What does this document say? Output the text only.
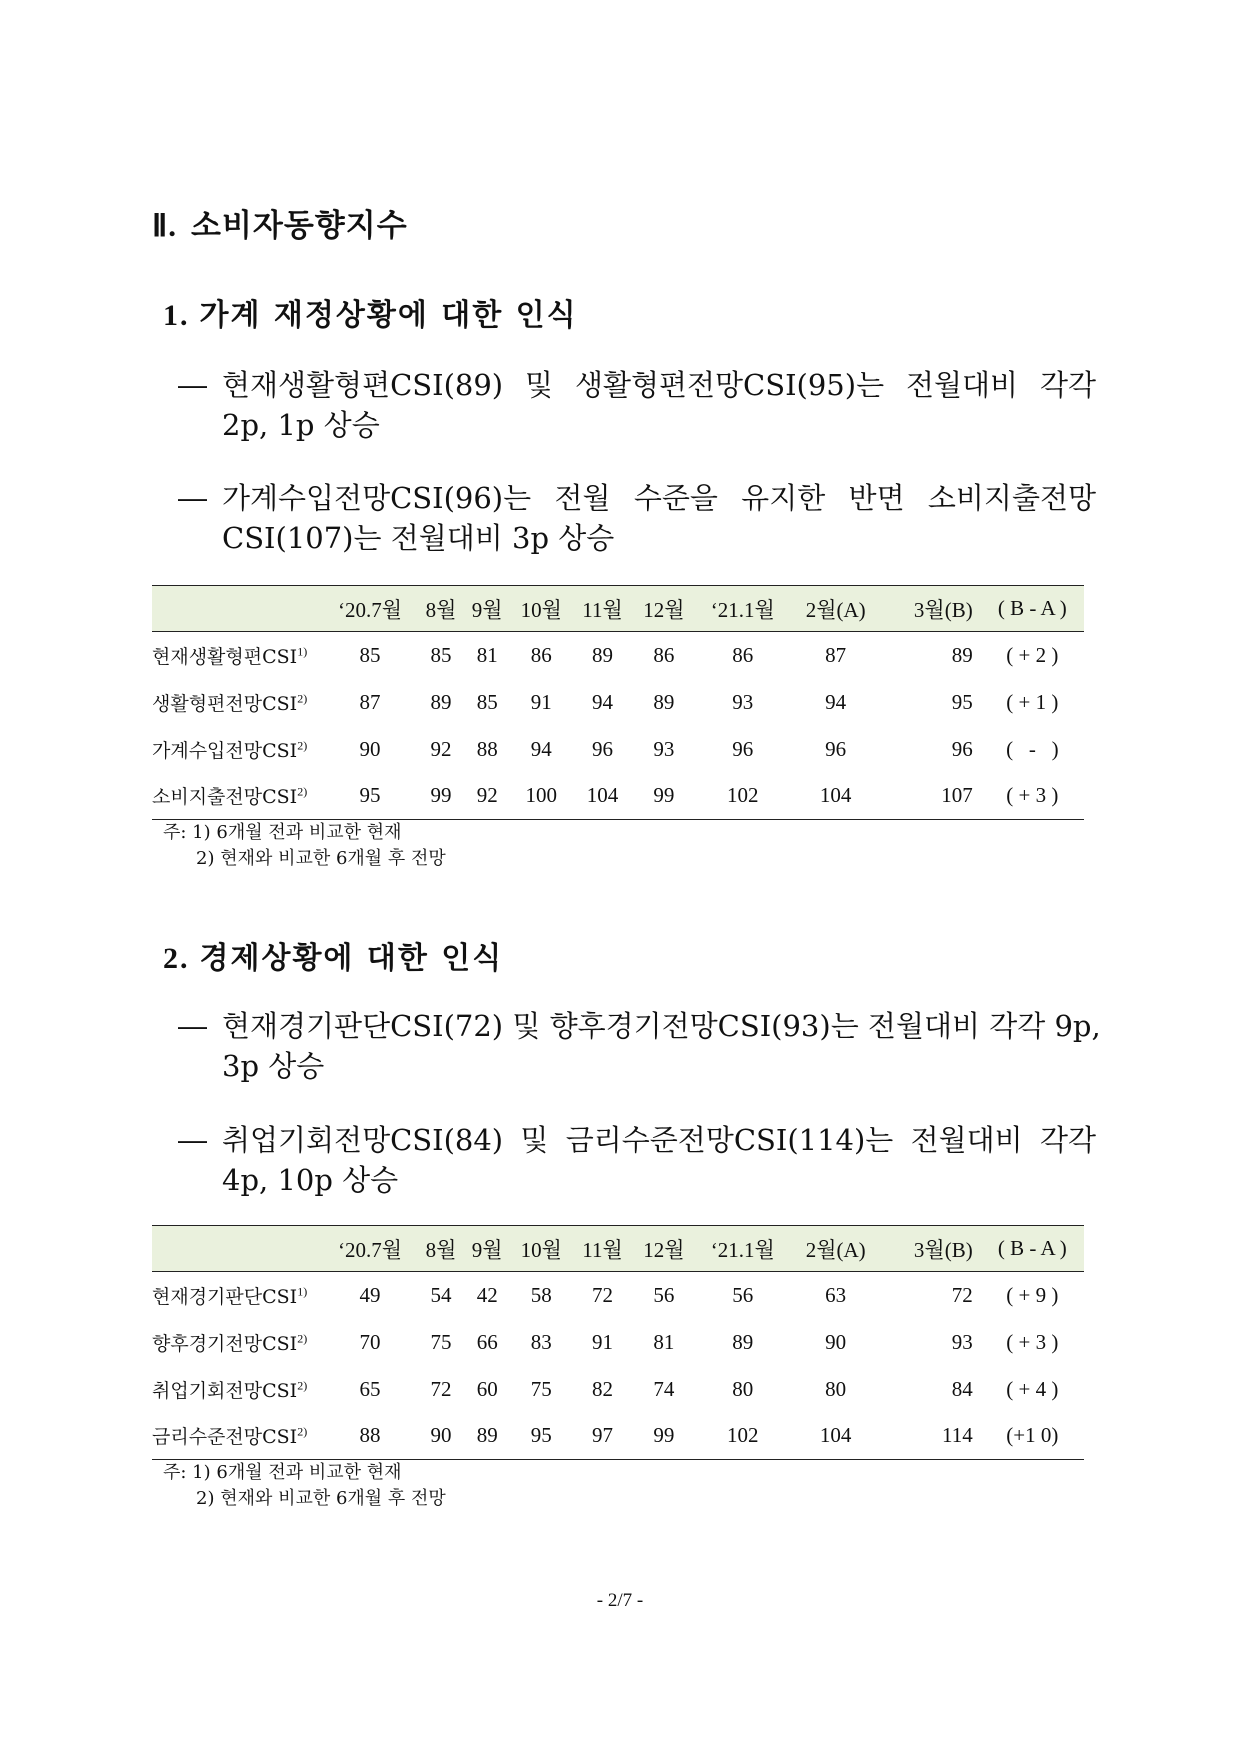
Ⅱ. 소비자동향지수
1. 가계 재정상황에 대한 인식
― 현재생활형편CSI(89) 및 생활형편전망CSI(95)는 전월대비 각각
2p, 1p 상승
― 가계수입전망CSI(96)는 전월 수준을 유지한 반면 소비지출전망
CSI(107)는 전월대비 3p 상승
	‘20.7월	8월	9월	10월	11월	12월	‘21.1월	2월(A)	3월(B)	( B - A )
현재생활형편CSI$^{1)}$	85	85	81	86	89	86	86	87	89	( + 2 )
생활형편전망CSI$^{2)}$	87	89	85	91	94	89	93	94	95	( + 1 )
가계수입전망CSI$^{2)}$	90	92	88	94	96	93	96	96	96	(   -   )
소비지출전망CSI$^{2)}$	95	99	92	100	104	99	102	104	107	( + 3 )
주: 1) 6개월 전과 비교한 현재
2) 현재와 비교한 6개월 후 전망
2. 경제상황에 대한 인식
― 현재경기판단CSI(72) 및 향후경기전망CSI(93)는 전월대비 각각 9p,
3p 상승
― 취업기회전망CSI(84) 및 금리수준전망CSI(114)는 전월대비 각각
4p, 10p 상승
	‘20.7월	8월	9월	10월	11월	12월	‘21.1월	2월(A)	3월(B)	( B - A )
현재경기판단CSI$^{1)}$	49	54	42	58	72	56	56	63	72	( + 9 )
향후경기전망CSI$^{2)}$	70	75	66	83	91	81	89	90	93	( + 3 )
취업기회전망CSI$^{2)}$	65	72	60	75	82	74	80	80	84	( + 4 )
금리수준전망CSI$^{2)}$	88	90	89	95	97	99	102	104	114	(+1 0)
주: 1) 6개월 전과 비교한 현재
2) 현재와 비교한 6개월 후 전망
- 2/7 -
